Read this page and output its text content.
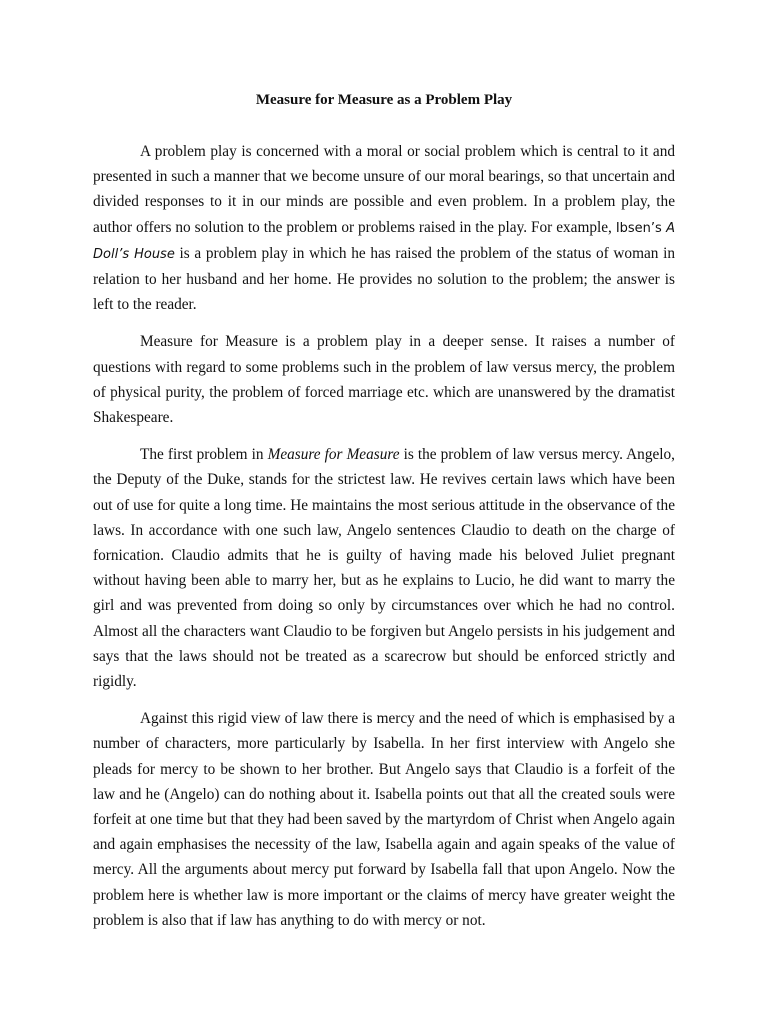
Measure for Measure as a Problem Play

A problem play is concerned with a moral or social problem which is central to it and presented in such a manner that we become unsure of our moral bearings, so that uncertain and divided responses to it in our minds are possible and even problem. In a problem play, the author offers no solution to the problem or problems raised in the play. For example, Ibsen’s A Doll’s House is a problem play in which he has raised the problem of the status of woman in relation to her husband and her home. He provides no solution to the problem; the answer is left to the reader.

Measure for Measure is a problem play in a deeper sense. It raises a number of questions with regard to some problems such in the problem of law versus mercy, the problem of physical purity, the problem of forced marriage etc. which are unanswered by the dramatist Shakespeare.

The first problem in Measure for Measure is the problem of law versus mercy. Angelo, the Deputy of the Duke, stands for the strictest law. He revives certain laws which have been out of use for quite a long time. He maintains the most serious attitude in the observance of the laws. In accordance with one such law, Angelo sentences Claudio to death on the charge of fornication. Claudio admits that he is guilty of having made his beloved Juliet pregnant without having been able to marry her, but as he explains to Lucio, he did want to marry the girl and was prevented from doing so only by circumstances over which he had no control. Almost all the characters want Claudio to be forgiven but Angelo persists in his judgement and says that the laws should not be treated as a scarecrow but should be enforced strictly and rigidly.

Against this rigid view of law there is mercy and the need of which is emphasised by a number of characters, more particularly by Isabella. In her first interview with Angelo she pleads for mercy to be shown to her brother. But Angelo says that Claudio is a forfeit of the law and he (Angelo) can do nothing about it. Isabella points out that all the created souls were forfeit at one time but that they had been saved by the martyrdom of Christ when Angelo again and again emphasises the necessity of the law, Isabella again and again speaks of the value of mercy. All the arguments about mercy put forward by Isabella fall that upon Angelo. Now the problem here is whether law is more important or the claims of mercy have greater weight the problem is also that if law has anything to do with mercy or not.
